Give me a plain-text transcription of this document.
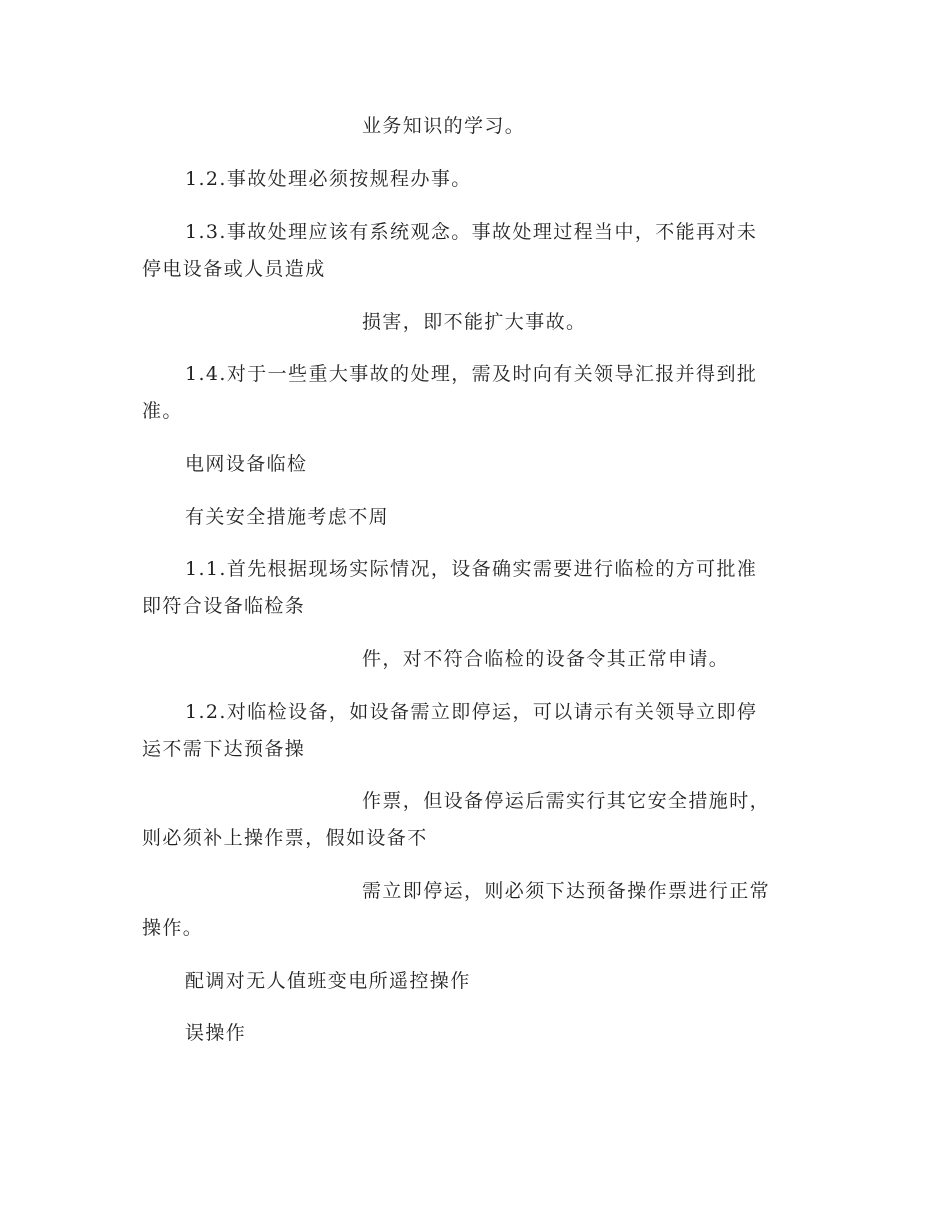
业务知识的学习。
1.2.事故处理必须按规程办事。
1.3.事故处理应该有系统观念。事故处理过程当中，不能再对未
停电设备或人员造成
损害，即不能扩大事故。
1.4.对于一些重大事故的处理，需及时向有关领导汇报并得到批
准。
电网设备临检
有关安全措施考虑不周
1.1.首先根据现场实际情况，设备确实需要进行临检的方可批准
即符合设备临检条
件，对不符合临检的设备令其正常申请。
1.2.对临检设备，如设备需立即停运，可以请示有关领导立即停
运不需下达预备操
作票，但设备停运后需实行其它安全措施时，
则必须补上操作票，假如设备不
需立即停运，则必须下达预备操作票进行正常
操作。
配调对无人值班变电所遥控操作
误操作
